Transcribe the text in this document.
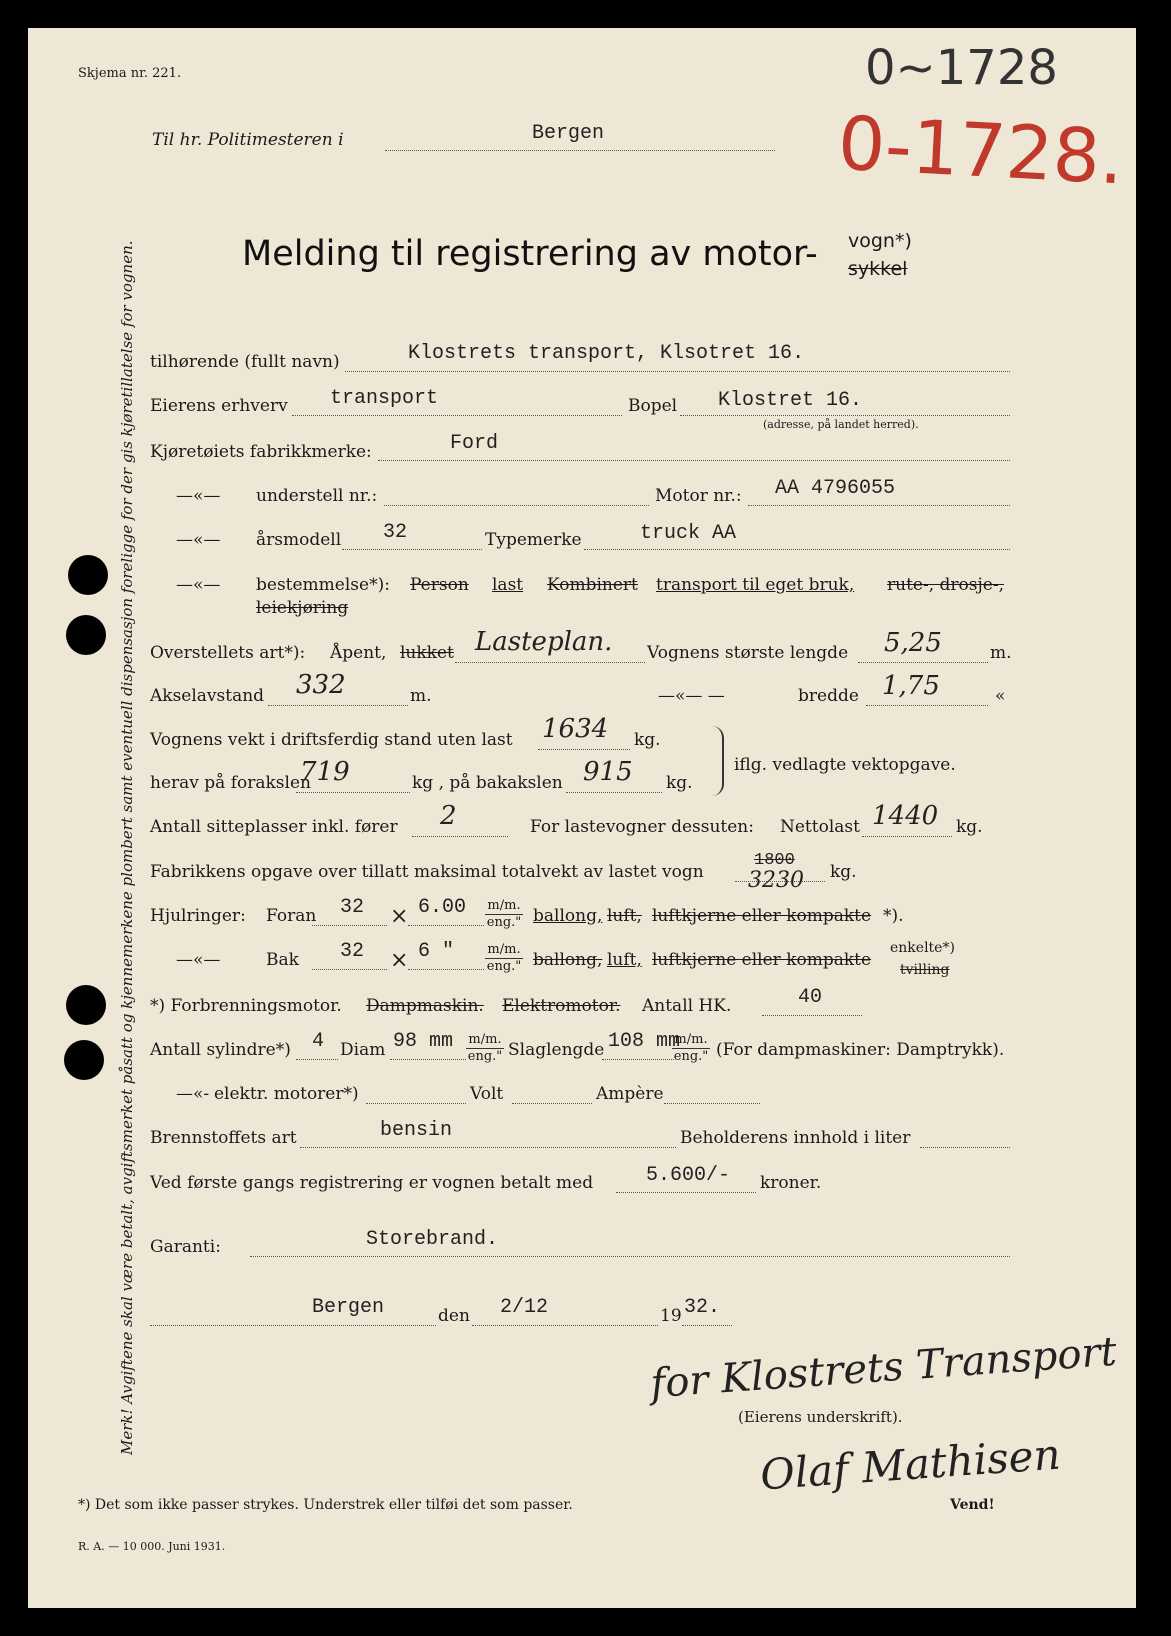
Merk! Avgiftene skal være betalt, avgiftsmerket påsatt og kjennemerkene plombert samt eventuell dispensasjon foreligge for der gis kjøretillatelse for vognen.
Skjema nr. 221.	0~1728
0-1728.
Til hr. Politimesteren i	Bergen
Melding til registrering av motor- vogn*)
sykkel
tilhørende (fullt navn)	Klostrets transport, Klsotret 16.
Eierens erhverv transport	Bopel Klostret 16.
(adresse, på landet herred).
Kjøretøiets fabrikkmerke:	Ford
—«— understell nr.:	Motor nr.: AA 4796055
—«— årsmodell 32	Typemerke	truck AA
—«— bestemmelse*): Person last Kombinert transport til eget bruk, rute-, drosje-,
leiekjøring
Overstellets art*): Åpent, lukket Lasteplan. Vognens største lengde 5,25	m.
Akselavstand 332	m.	—«— —	bredde 1,75	«
Vognens vekt i driftsferdig stand uten last 1634 kg.
herav på forakslen
719	kg , på bakakslen 915 kg.
iflg. vedlagte vektopgave.
Antall sitteplasser inkl. fører 2	For lastevogner dessuten: Nettolast 1440 kg.
Fabrikkens opgave over tillatt maksimal totalvekt av lastet vogn
1800
3230 kg.
Hjulringer: Foran 32 × 6.00 m/m.
eng." ballong, luft, luftkjerne eller kompakte *).
—«—	Bak 32 × 6 "	m/m.
eng." ballong, luft, luftkjerne eller kompakte
enkelte*)
tvilling
*) Forbrenningsmotor. Dampmaskin. Elektromotor. Antall HK.	40
Antall sylindre*) 4 Diam 98 mm m/m.
eng." Slaglengde 108 mm
m/m.
eng." (For dampmaskiner: Damptrykk).
—«- elektr. motorer*)	Volt	Ampère
Brennstoffets art	bensin	Beholderens innhold i liter
Ved første gangs registrering er vognen betalt med	5.600/- kroner.
Garanti:	Storebrand.
Bergen	den 2/12	19 32.
for Klostrets Transport
(Eierens underskrift).
Olaf Mathisen
*) Det som ikke passer strykes. Understrek eller tilføi det som passer.	Vend!
R. A. — 10 000. Juni 1931.
